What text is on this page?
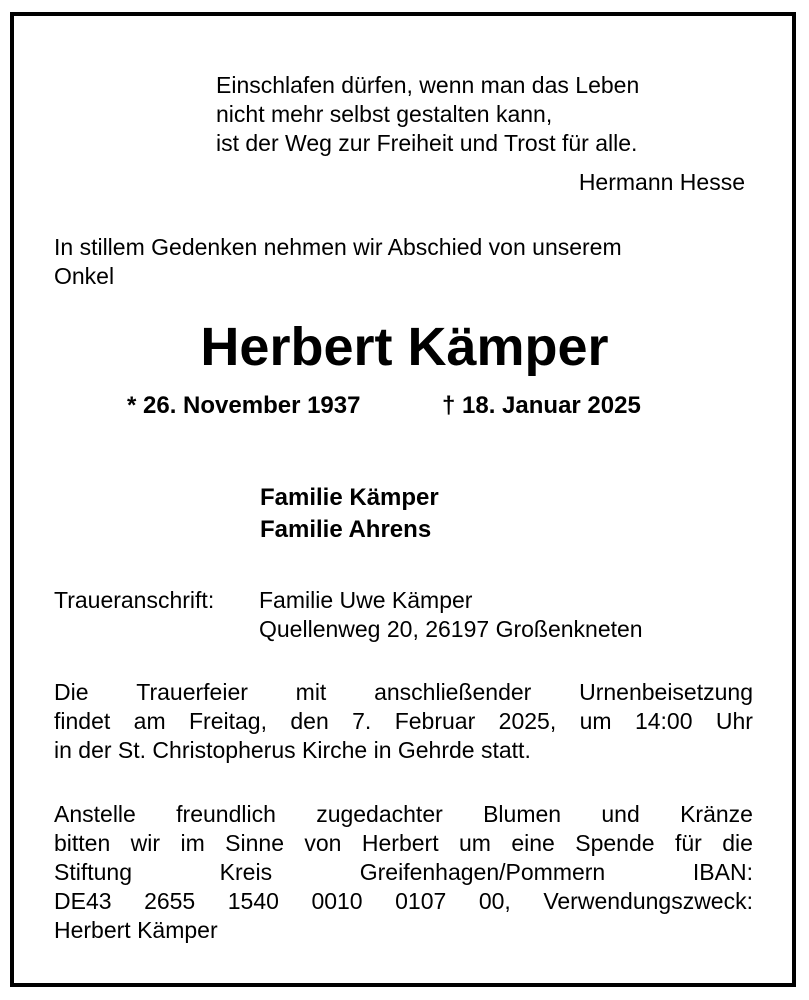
Einschlafen dürfen, wenn man das Leben
nicht mehr selbst gestalten kann,
ist der Weg zur Freiheit und Trost für alle.
Hermann Hesse
In stillem Gedenken nehmen wir Abschied von unserem
Onkel
Herbert Kämper
* 26. November 1937	† 18. Januar 2025
Familie Kämper
Familie Ahrens
Traueranschrift: Familie Uwe Kämper
Quellenweg 20, 26197 Großenkneten
Die Trauerfeier mit anschließender Urnenbeisetzung
findet am Freitag, den 7. Februar 2025, um 14:00 Uhr
in der St. Christopherus Kirche in Gehrde statt.
Anstelle freundlich zugedachter Blumen und Kränze
bitten wir im Sinne von Herbert um eine Spende für die
Stiftung	Kreis	Greifenhagen/Pommern	IBAN:
DE43 2655 1540 0010 0107 00, Verwendungszweck:
Herbert Kämper
